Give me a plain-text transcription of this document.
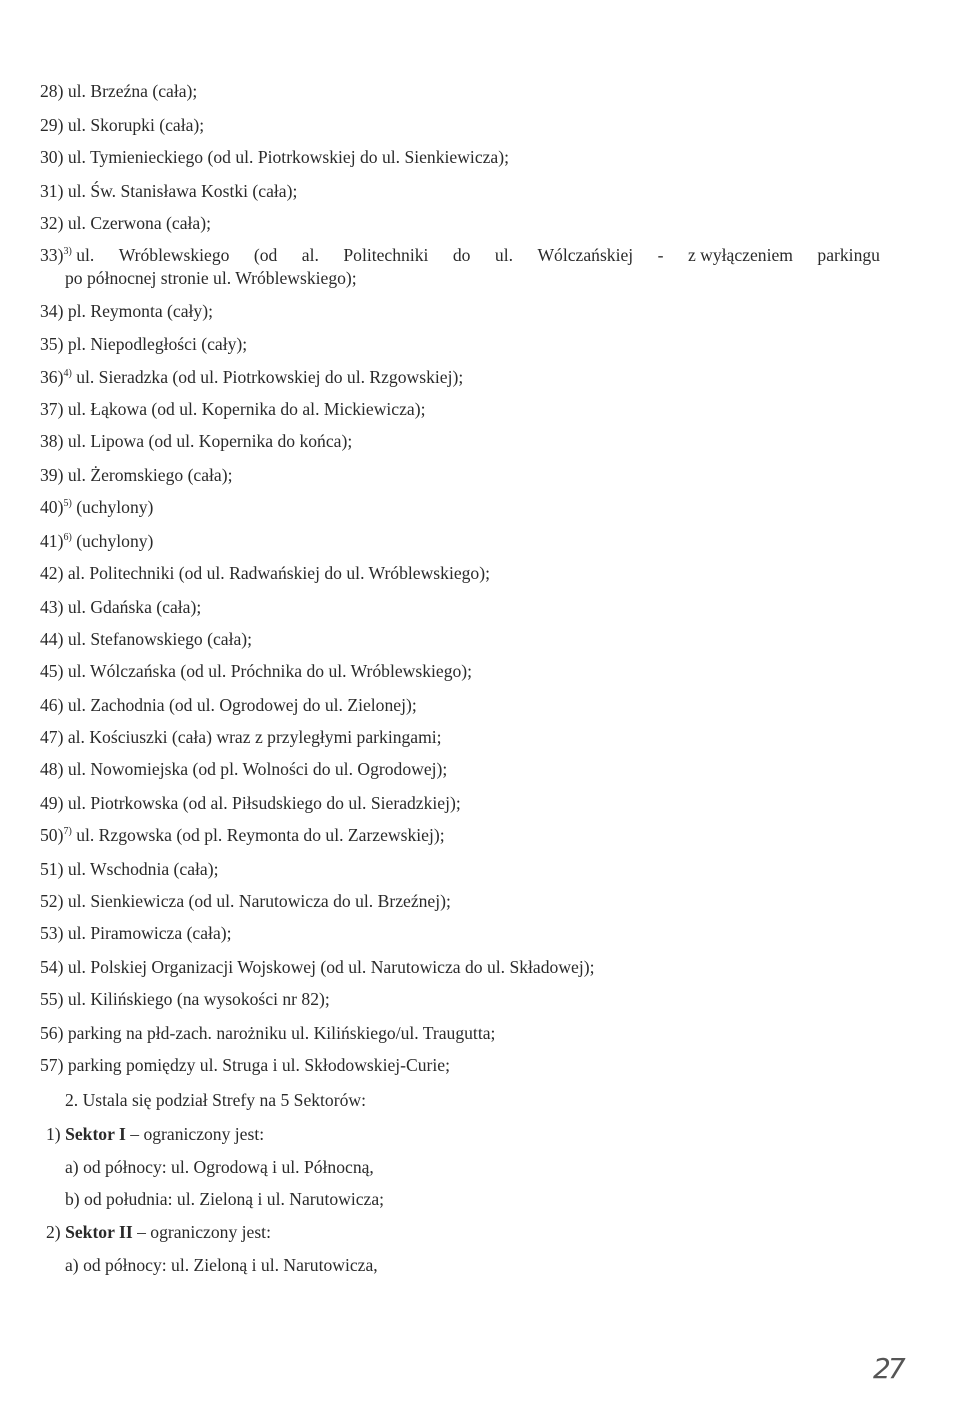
28) ul. Brzeźna (cała);
29) ul. Skorupki (cała);
30) ul. Tymienieckiego (od ul. Piotrkowskiej do ul. Sienkiewicza);
31) ul. Św. Stanisława Kostki (cała);
32) ul. Czerwona (cała);
33)$^{3)}$ ul. Wróblewskiego (od al. Politechniki do ul. Wólczańskiej - z wyłączeniem parkingu
po północnej stronie ul. Wróblewskiego);
34) pl. Reymonta (cały);
35) pl. Niepodległości (cały);
36)$^{4)}$ ul. Sieradzka (od ul. Piotrkowskiej do ul. Rzgowskiej);
37) ul. Łąkowa (od ul. Kopernika do al. Mickiewicza);
38) ul. Lipowa (od ul. Kopernika do końca);
39) ul. Żeromskiego (cała);
40)$^{5)}$ (uchylony)
41)$^{6)}$ (uchylony)
42) al. Politechniki (od ul. Radwańskiej do ul. Wróblewskiego);
43) ul. Gdańska (cała);
44) ul. Stefanowskiego (cała);
45) ul. Wólczańska (od ul. Próchnika do ul. Wróblewskiego);
46) ul. Zachodnia (od ul. Ogrodowej do ul. Zielonej);
47) al. Kościuszki (cała) wraz z przyległymi parkingami;
48) ul. Nowomiejska (od pl. Wolności do ul. Ogrodowej);
49) ul. Piotrkowska (od al. Piłsudskiego do ul. Sieradzkiej);
50)$^{7)}$ ul. Rzgowska (od pl. Reymonta do ul. Zarzewskiej);
51) ul. Wschodnia (cała);
52) ul. Sienkiewicza (od ul. Narutowicza do ul. Brzeźnej);
53) ul. Piramowicza (cała);
54) ul. Polskiej Organizacji Wojskowej (od ul. Narutowicza do ul. Składowej);
55) ul. Kilińskiego (na wysokości nr 82);
56) parking na płd-zach. narożniku ul. Kilińskiego/ul. Traugutta;
57) parking pomiędzy ul. Struga i ul. Skłodowskiej-Curie;
2. Ustala się podział Strefy na 5 Sektorów:
1) Sektor I – ograniczony jest:
a) od północy: ul. Ogrodową i ul. Północną,
b) od południa: ul. Zieloną i ul. Narutowicza;
2) Sektor II – ograniczony jest:
a) od północy: ul. Zieloną i ul. Narutowicza,
27
